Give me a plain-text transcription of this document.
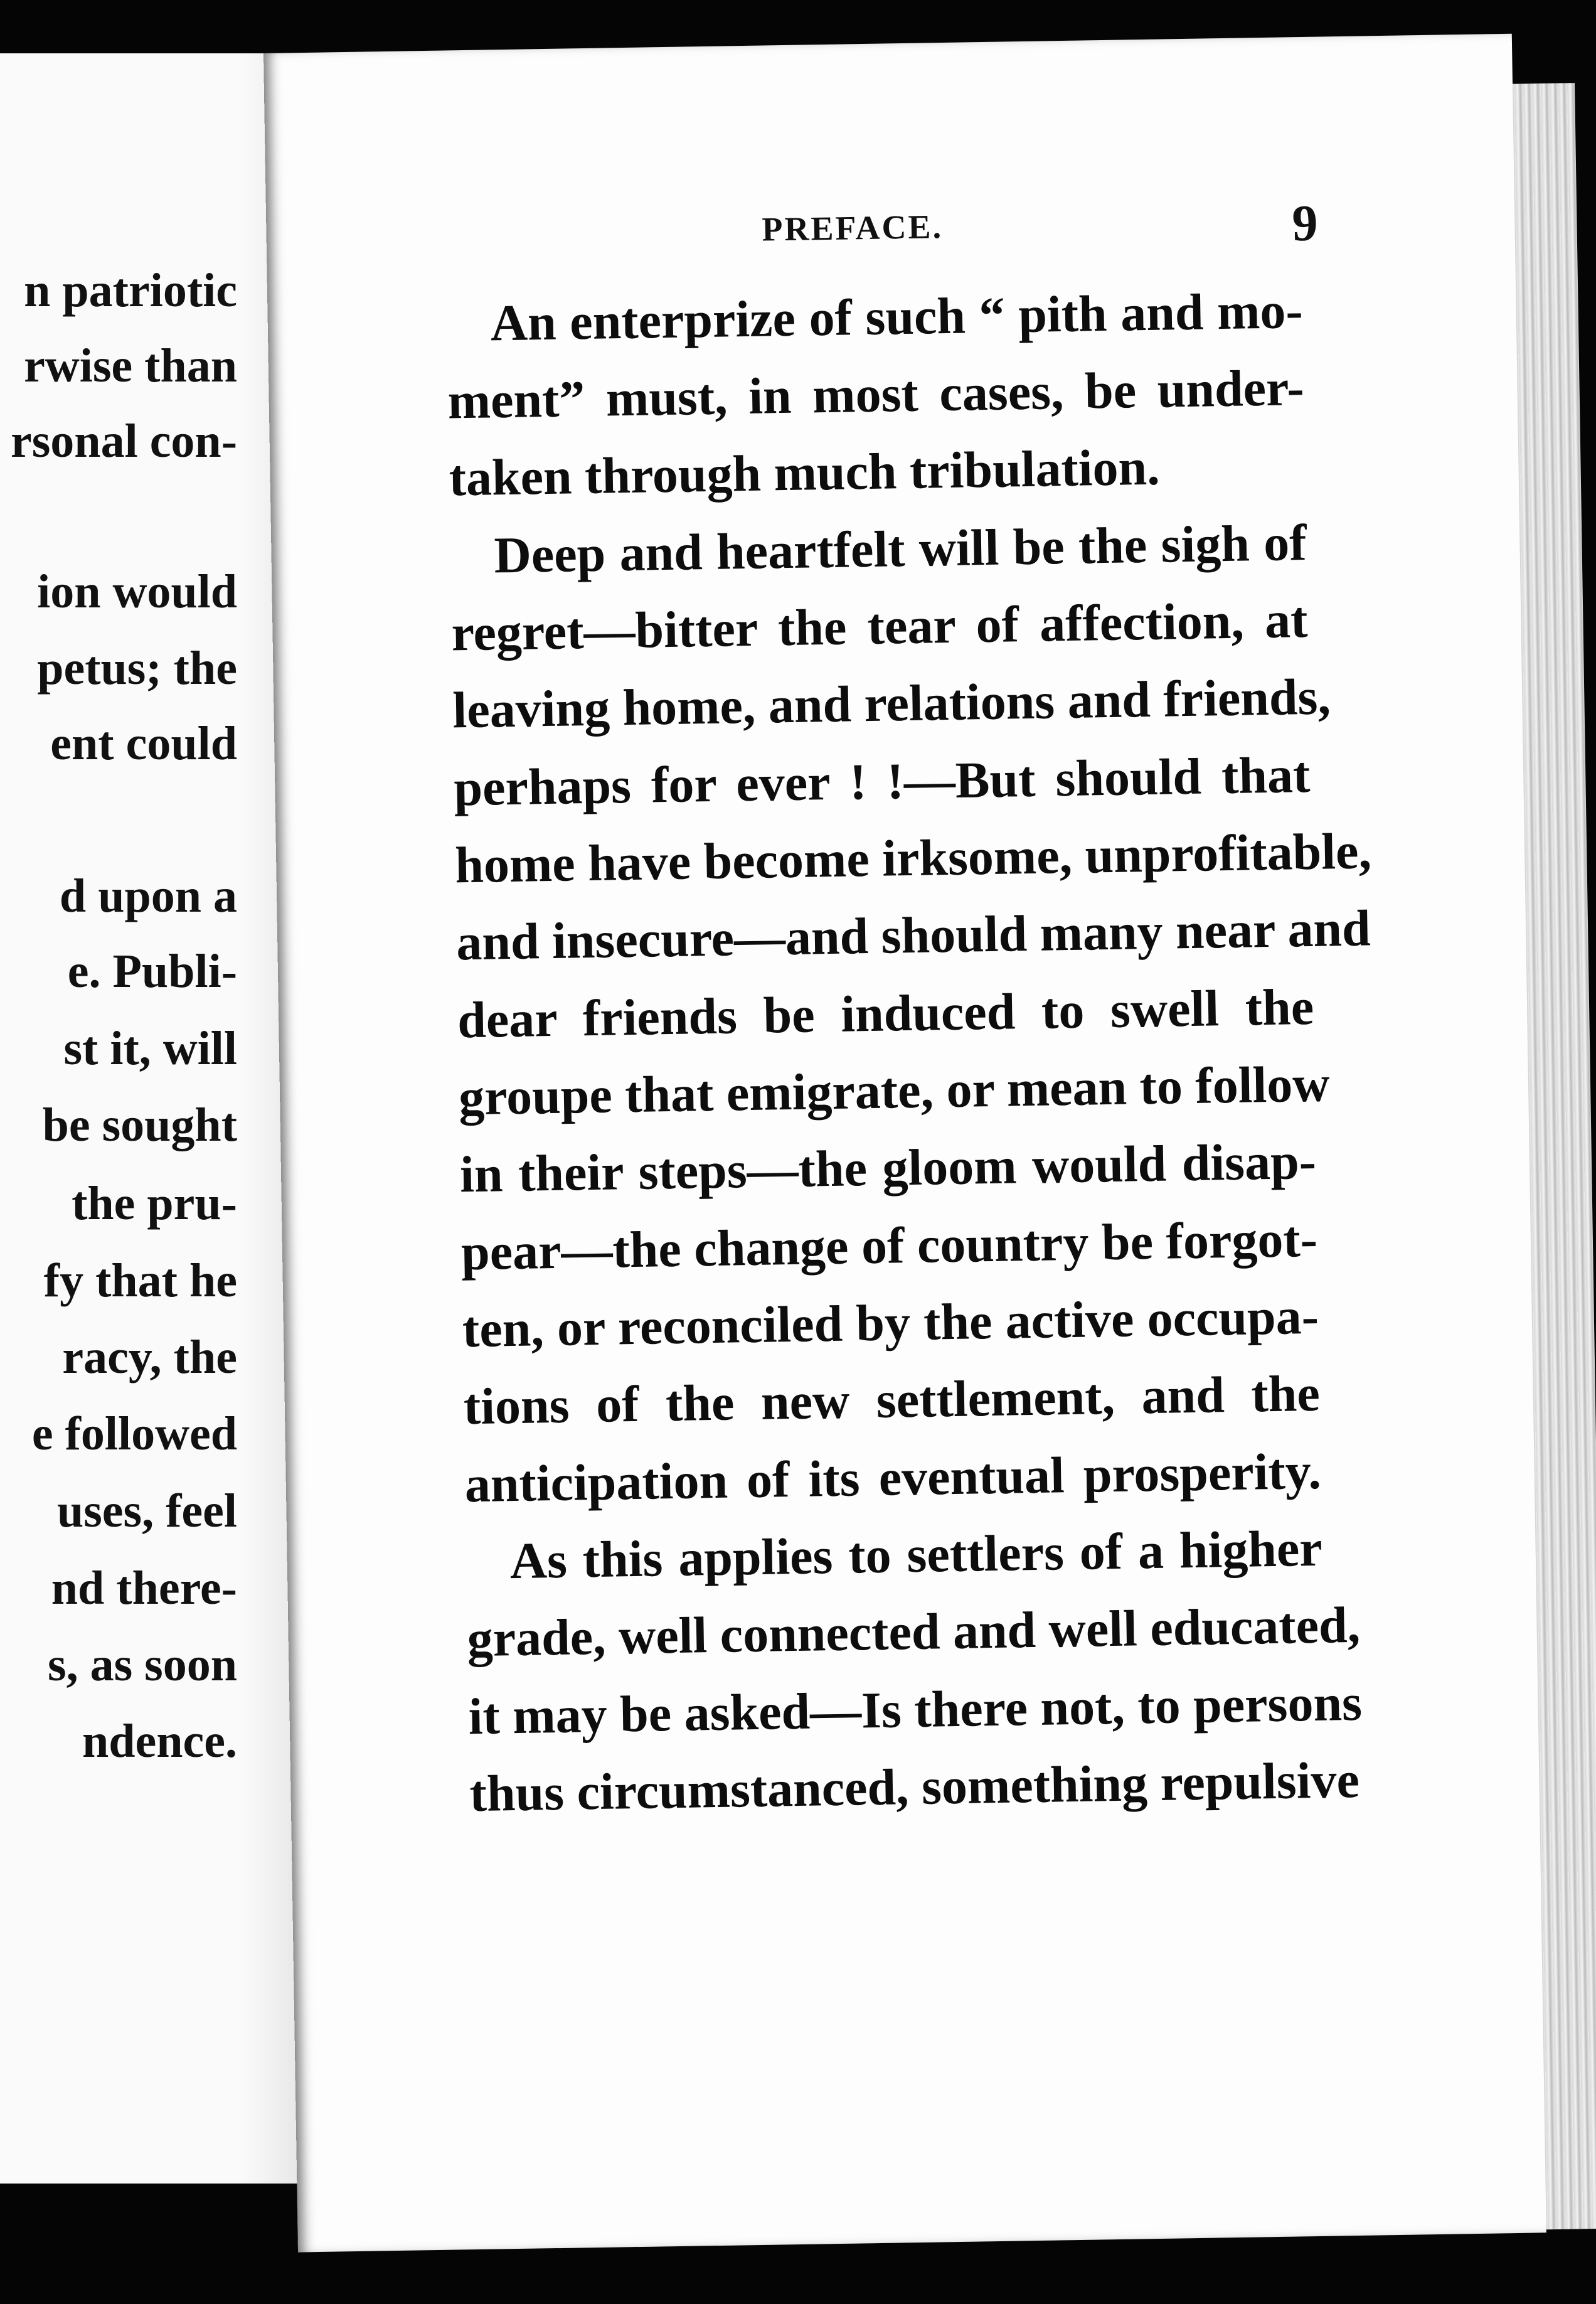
n patriotic
rwise than
rsonal con-
ion would
petus; the
ent could
d upon a
e. Publi-
st it, will
be sought
the pru-
fy that he
racy, the
e followed
uses, feel
nd there-
s, as soon
ndence.
PREFACE.	9
An enterprize of such “ pith and mo-
ment” must, in most cases, be under-
taken through much tribulation.
Deep and heartfelt will be the sigh of
regret—bitter the tear of affection, at
leaving home, and relations and friends,
perhaps for ever ! !—But should that
home have become irksome, unprofitable,
and insecure—and should many near and
dear friends be induced to swell the
groupe that emigrate, or mean to follow
in their steps—the gloom would disap-
pear—the change of country be forgot-
ten, or reconciled by the active occupa-
tions of the new settlement, and the
anticipation of its eventual prosperity.
As this applies to settlers of a higher
grade, well connected and well educated,
it may be asked—Is there not, to persons
thus circumstanced, something repulsive
